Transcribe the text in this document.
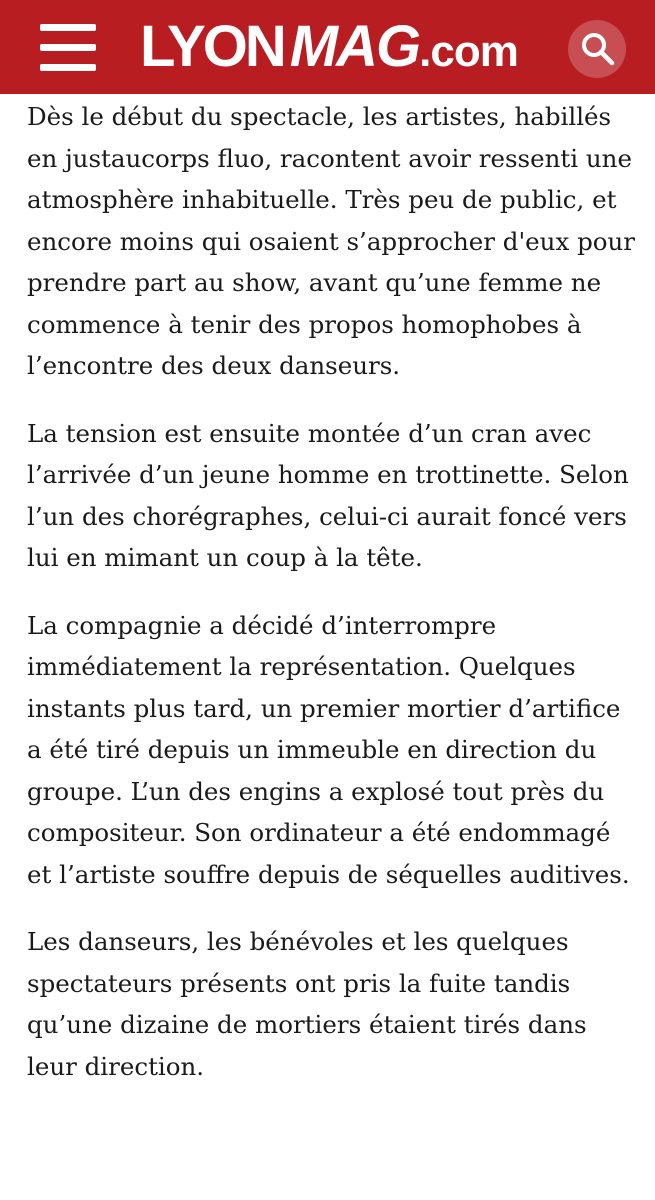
LYON MAG .com

Dès le début du spectacle, les artistes, habillés en justaucorps fluo, racontent avoir ressenti une atmosphère inhabituelle. Très peu de public, et encore moins qui osaient s’approcher d'eux pour prendre part au show, avant qu’une femme ne commence à tenir des propos homophobes à l’encontre des deux danseurs.

La tension est ensuite montée d’un cran avec l’arrivée d’un jeune homme en trottinette. Selon l’un des chorégraphes, celui-ci aurait foncé vers lui en mimant un coup à la tête.

La compagnie a décidé d’interrompre immédiatement la représentation. Quelques instants plus tard, un premier mortier d’artifice a été tiré depuis un immeuble en direction du groupe. L’un des engins a explosé tout près du compositeur. Son ordinateur a été endommagé et l’artiste souffre depuis de séquelles auditives.

Les danseurs, les bénévoles et les quelques spectateurs présents ont pris la fuite tandis qu’une dizaine de mortiers étaient tirés dans leur direction.
